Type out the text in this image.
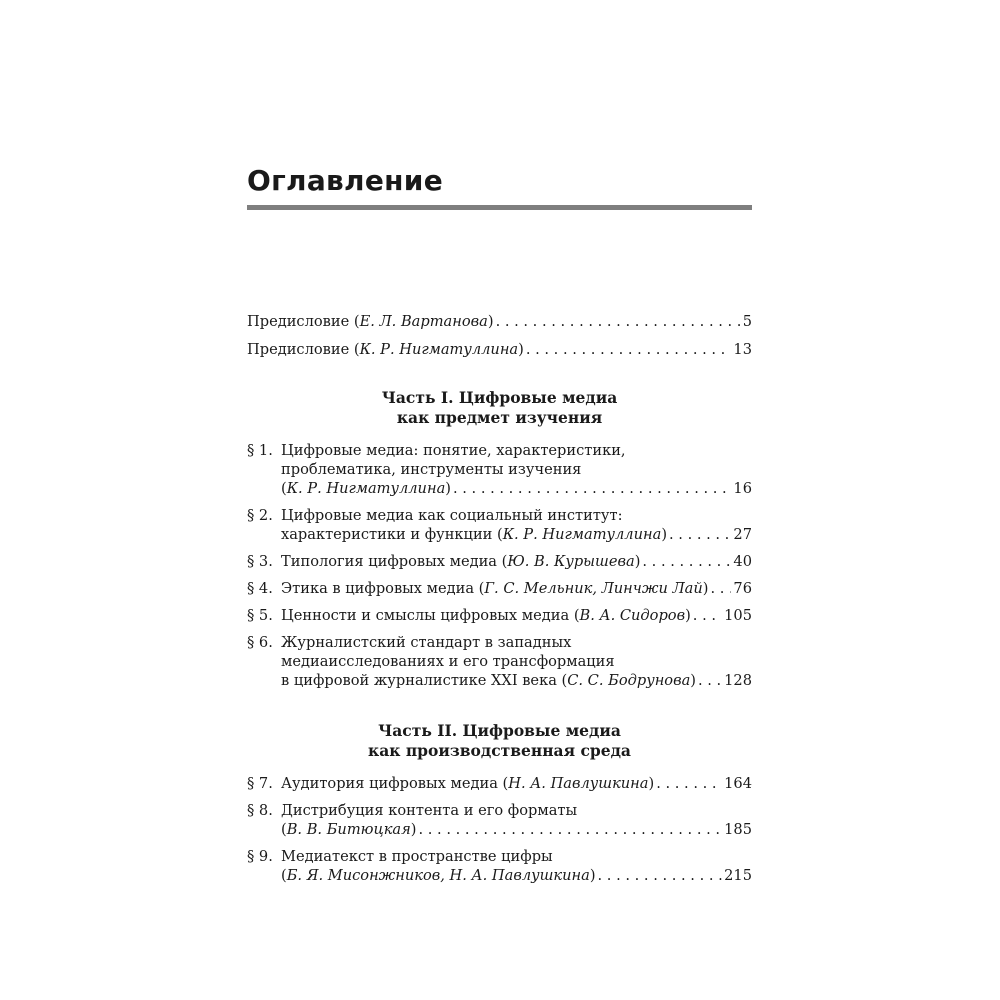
Оглавление
Предисловие (Е. Л. Вартанова) . . .	5
Предисловие (К. Р. Нигматуллина) . . .	13
Часть I. Цифровые медиа
как предмет изучения
§ 1. Цифровые медиа: понятие, характеристики,
проблематика, инструменты изучения
(К. Р. Нигматуллина) . . .	16
§ 2. Цифровые медиа как социальный институт:
характеристики и функции (К. Р. Нигматуллина) . . .	27
§ 3. Типология цифровых медиа (Ю. В. Курышева) . . .	40
§ 4. Этика в цифровых медиа (Г. С. Мельник, Линчжи Лай) . . . 76
§ 5. Ценности и смыслы цифровых медиа (В. А. Сидоров) . . . 105
§ 6. Журналистский стандарт в западных
медиаисследованиях и его трансформация
в цифровой журналистике XXI века (С. С. Бодрунова) . . . 128
Часть II. Цифровые медиа
как производственная среда
§ 7. Аудитория цифровых медиа (Н. А. Павлушкина) . . .	164
§ 8. Дистрибуция контента и его форматы
(В. В. Битюцкая) . . .	185
§ 9. Медиатекст в пространстве цифры
(Б. Я. Мисонжников, Н. А. Павлушкина) . . .	215
